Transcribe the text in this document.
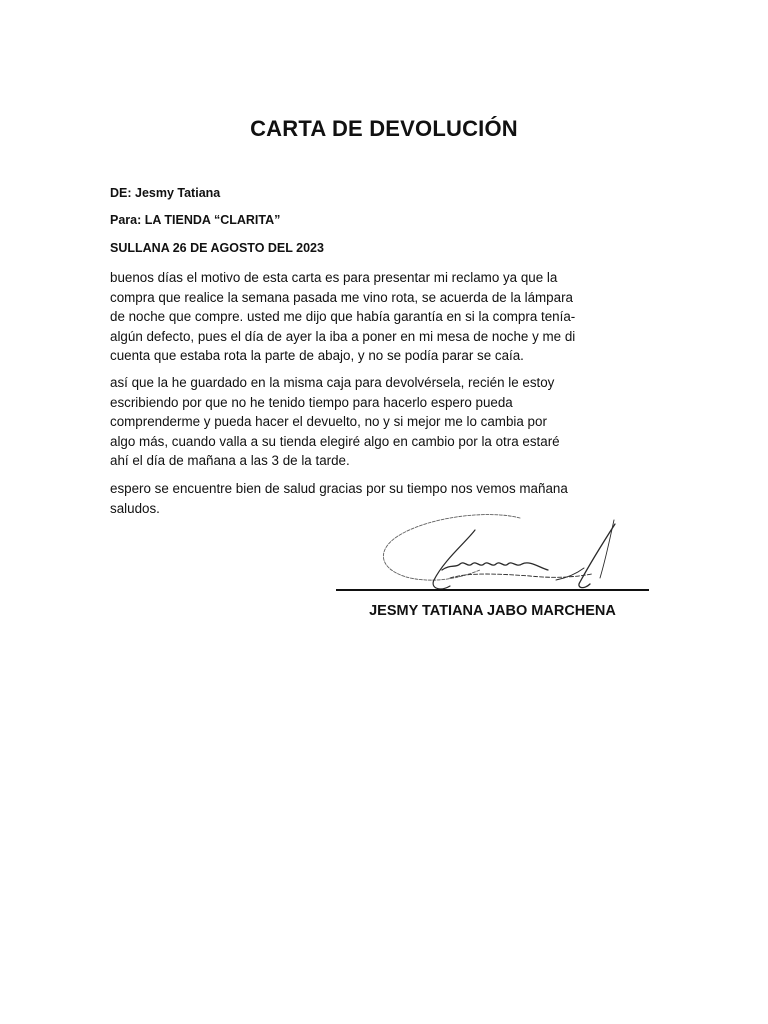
CARTA DE DEVOLUCIÓN
DE: Jesmy Tatiana
Para: LA TIENDA “CLARITA”
SULLANA 26 DE AGOSTO DEL 2023
buenos días el motivo de esta carta es para presentar mi reclamo ya que la
compra que realice la semana pasada me vino rota, se acuerda de la lámpara
de noche que compre. usted me dijo que había garantía en si la compra tenía-
algún defecto, pues el día de ayer la iba a poner en mi mesa de noche y me di
cuenta que estaba rota la parte de abajo, y no se podía parar se caía.
así que la he guardado en la misma caja para devolvérsela, recién le estoy
escribiendo por que no he tenido tiempo para hacerlo espero pueda
comprenderme y pueda hacer el devuelto, no y si mejor me lo cambia por
algo más, cuando valla a su tienda elegiré algo en cambio por la otra estaré
ahí el día de mañana a las 3 de la tarde.
espero se encuentre bien de salud gracias por su tiempo nos vemos mañana
saludos.
JESMY TATIANA JABO MARCHENA
